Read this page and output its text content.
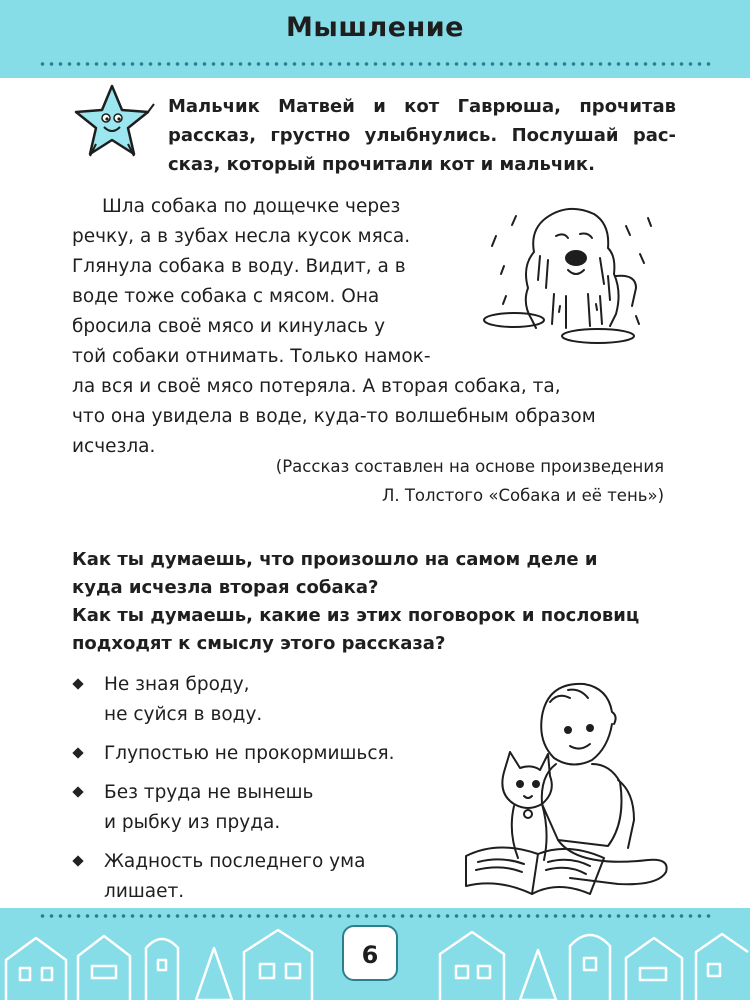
Мышление
Мальчик Матвей и кот Гаврюша, прочитав рассказ, грустно улыбнулись. Послушай рас- сказ, который прочитали кот и мальчик.
Шла собака по дощечке через
речку, а в зубах несла кусок мяса.
Глянула собака в воду. Видит, а в
воде тоже собака с мясом. Она
бросила своё мясо и кинулась у
той собаки отнимать. Только намок-
ла вся и своё мясо потеряла. А вторая собака, та,
что она увидела в воде, куда-то волшебным образом
исчезла.
(Рассказ составлен на основе произведения
Л. Толстого «Собака и её тень»)
Как ты думаешь, что произошло на самом деле и
куда исчезла вторая собака?
Как ты думаешь, какие из этих поговорок и пословиц
подходят к смыслу этого рассказа?
Не зная броду,
не суйся в воду.
Глупостью не прокормишься.
Без труда не вынешь
и рыбку из пруда.
Жадность последнего ума
лишает.
6
